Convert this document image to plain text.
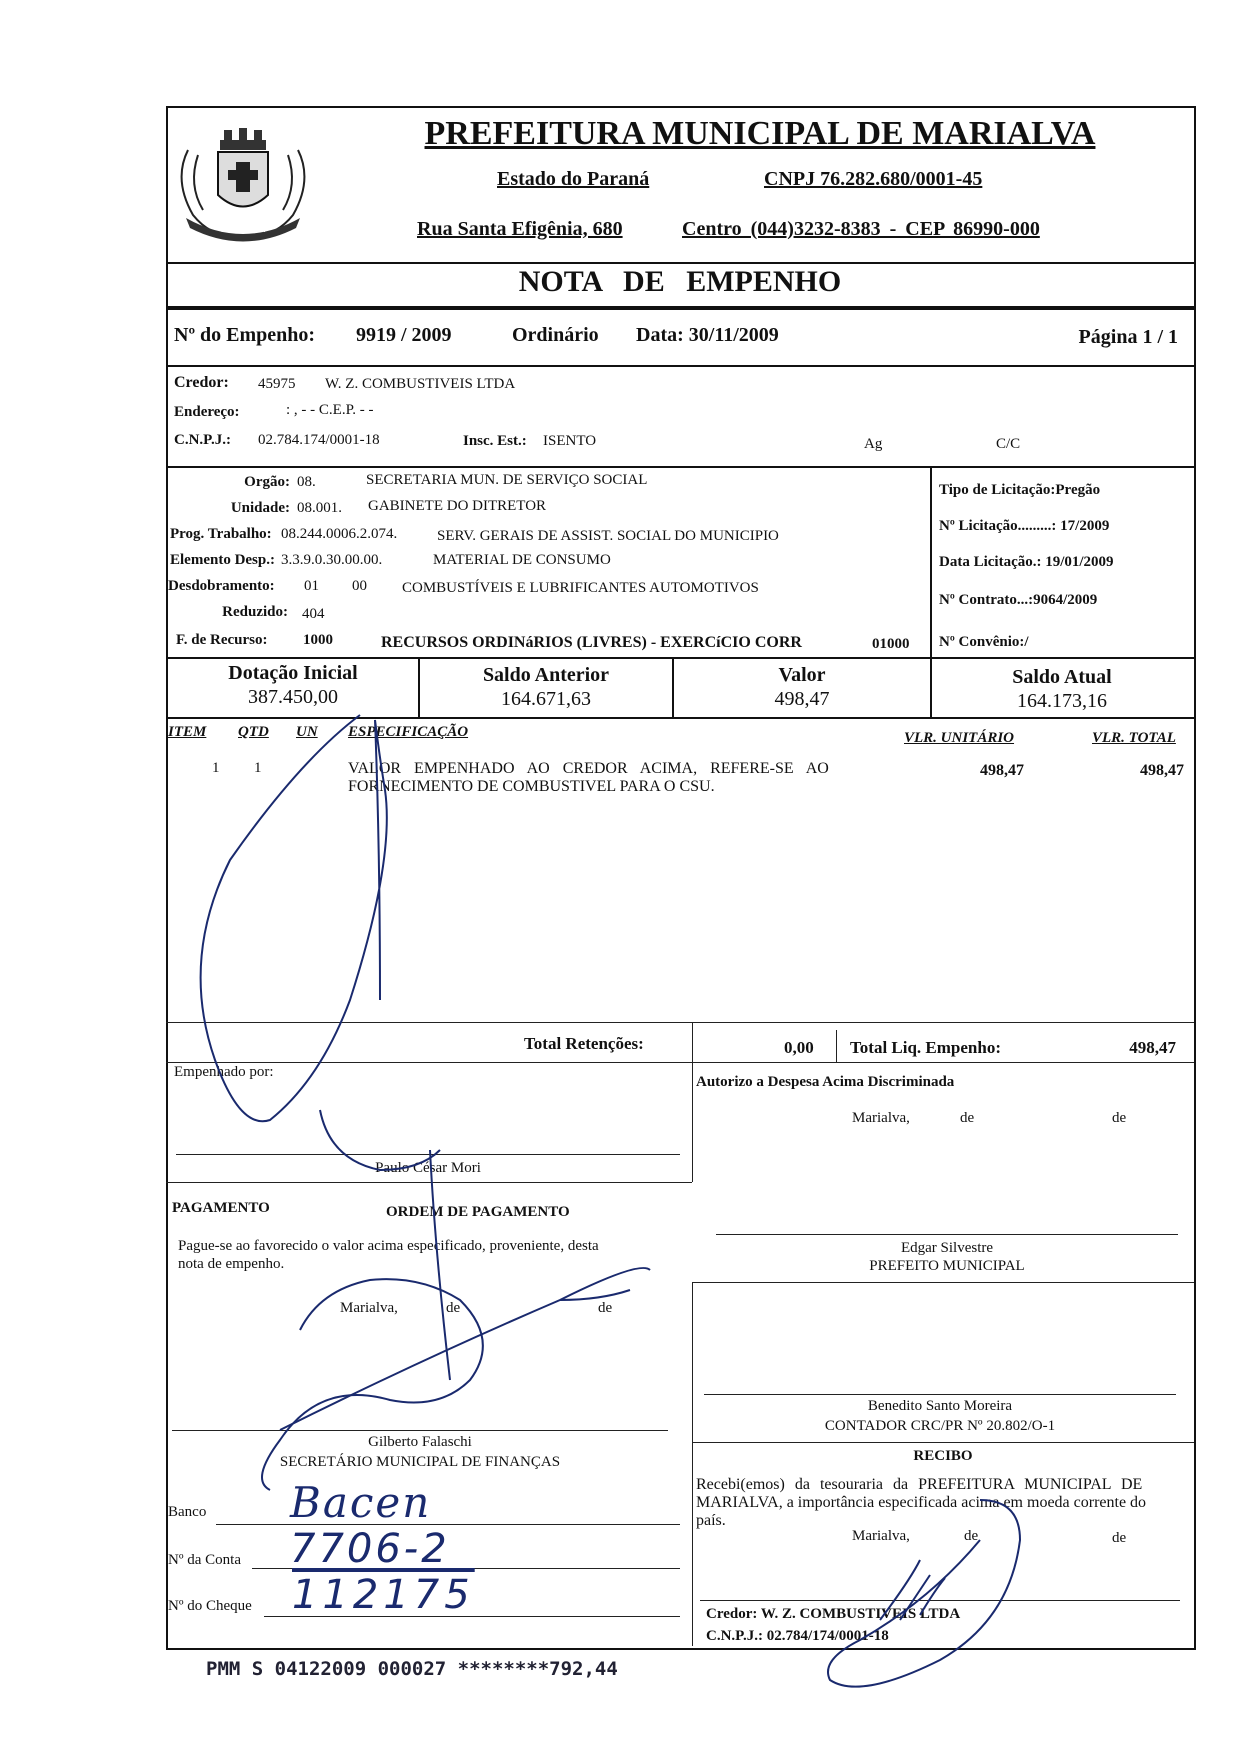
MARIALVA
PREFEITURA MUNICIPAL DE MARIALVA
Estado do Paraná	CNPJ 76.282.680/0001-45
Rua Santa Efigênia, 680	Centro (044)3232-8383 - CEP 86990-000
NOTA DE EMPENHO
Nº do Empenho: 9919 / 2009	Ordinário Data: 30/11/2009	Página 1 / 1
Credor: 45975 W. Z. COMBUSTIVEIS LTDA
Endereço:	: , - - C.E.P. - -
C.N.P.J.: 02.784.174/0001-18	Insc. Est.: ISENTO	Ag	C/C
Orgão: 08.	SECRETARIA MUN. DE SERVIÇO SOCIAL
Unidade: 08.001. GABINETE DO DITRETOR
Prog. Trabalho: 08.244.0006.2.074.	SERV. GERAIS DE ASSIST. SOCIAL DO MUNICIPIO
Elemento Desp.: 3.3.9.0.30.00.00.	MATERIAL DE CONSUMO
Desdobramento: 01 00 COMBUSTÍVEIS E LUBRIFICANTES AUTOMOTIVOS
Reduzido: 404
F. de Recurso: 1000	RECURSOS ORDINáRIOS (LIVRES) - EXERCíCIO CORR	01000
Tipo de Licitação:Pregão
Nº Licitação.........: 17/2009
Data Licitação.: 19/01/2009
Nº Contrato...:9064/2009
Nº Convênio:/
Dotação Inicial
387.450,00
Saldo Anterior
164.671,63
Valor
498,47
Saldo Atual
164.173,16
ITEM QTD UN ESPECIFICAÇÃO	VLR. UNITÁRIO	VLR. TOTAL
1 1	VALOR EMPENHADO AO CREDOR ACIMA, REFERE-SE AO
FORNECIMENTO DE COMBUSTIVEL PARA O CSU.
498,47	498,47
Total Retenções:	0,00 Total Liq. Empenho:	498,47
Empenhado por:
Paulo César Mori
Autorizo a Despesa Acima Discriminada
Marialva,	de	de
PAGAMENTO	ORDEM DE PAGAMENTO
Pague-se ao favorecido o valor acima especificado, proveniente, desta
nota de empenho.
Marialva,	de	de
Gilberto Falaschi
SECRETÁRIO MUNICIPAL DE FINANÇAS
Banco
Nº da Conta
Nº do Cheque
Bacen
7706-2
112175
Edgar Silvestre
PREFEITO MUNICIPAL
Benedito Santo Moreira
CONTADOR CRC/PR Nº 20.802/O-1
RECIBO
Recebi(emos) da tesouraria da PREFEITURA MUNICIPAL DE
MARIALVA, a importância especificada acima em moeda corrente do
país.
Marialva,	de	de
Credor: W. Z. COMBUSTIVEIS LTDA
C.N.P.J.: 02.784/174/0001-18
PMM S 04122009 000027 ********792,44
